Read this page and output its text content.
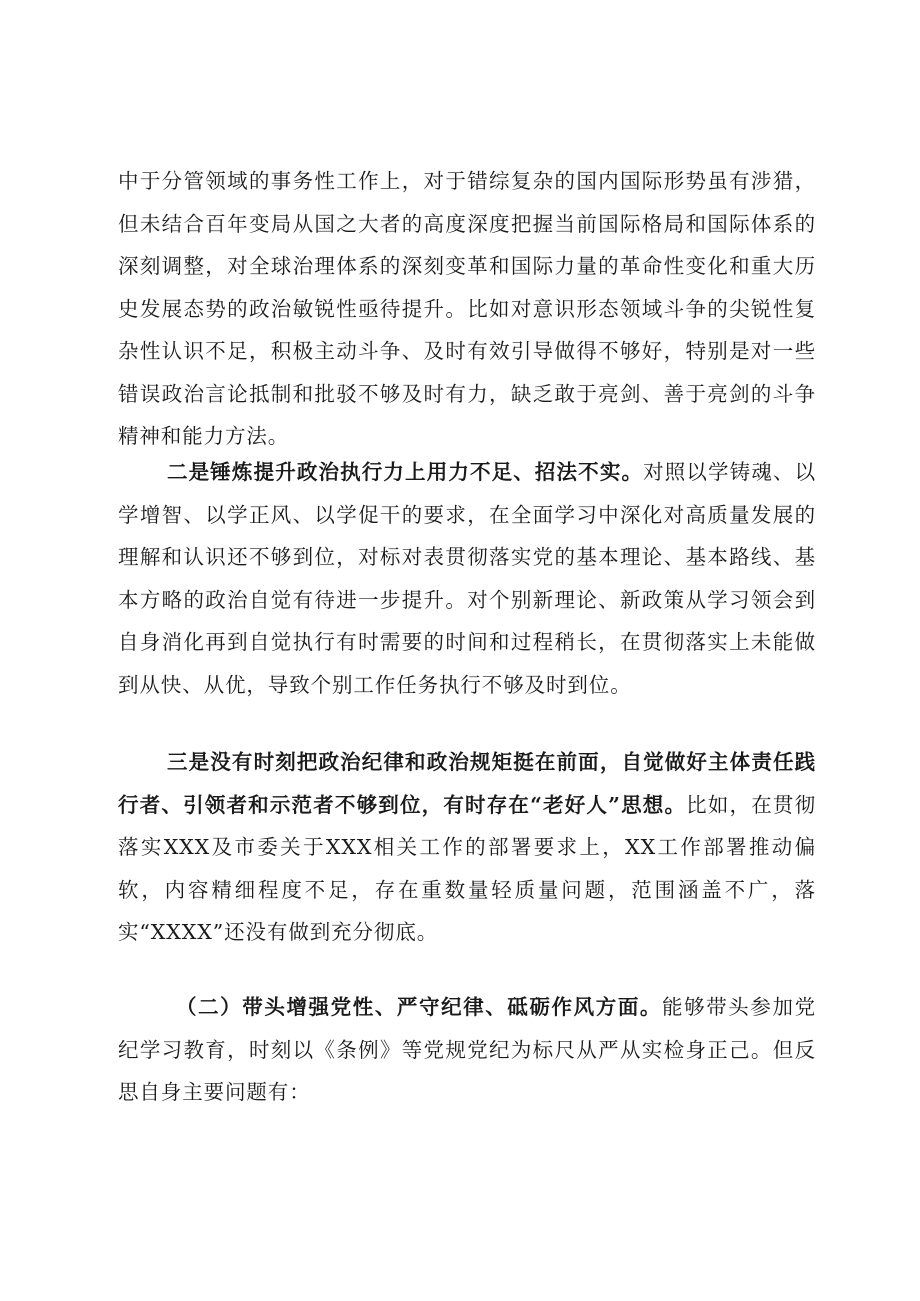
中于分管领域的事务性工作上，对于错综复杂的国内国际形势虽有涉猎，但未结合百年变局从国之大者的高度深度把握当前国际格局和国际体系的深刻调整，对全球治理体系的深刻变革和国际力量的革命性变化和重大历史发展态势的政治敏锐性亟待提升。比如对意识形态领域斗争的尖锐性复杂性认识不足，积极主动斗争、及时有效引导做得不够好，特别是对一些错误政治言论抵制和批驳不够及时有力，缺乏敢于亮剑、善于亮剑的斗争精神和能力方法。

二是锤炼提升政治执行力上用力不足、招法不实。对照以学铸魂、以学增智、以学正风、以学促干的要求，在全面学习中深化对高质量发展的理解和认识还不够到位，对标对表贯彻落实党的基本理论、基本路线、基本方略的政治自觉有待进一步提升。对个别新理论、新政策从学习领会到自身消化再到自觉执行有时需要的时间和过程稍长，在贯彻落实上未能做到从快、从优，导致个别工作任务执行不够及时到位。

三是没有时刻把政治纪律和政治规矩挺在前面，自觉做好主体责任践行者、引领者和示范者不够到位，有时存在“老好人”思想。比如，在贯彻落实XXX及市委关于XXX相关工作的部署要求上，XX工作部署推动偏软，内容精细程度不足，存在重数量轻质量问题，范围涵盖不广，落实“XXXX”还没有做到充分彻底。

（二）带头增强党性、严守纪律、砥砺作风方面。能够带头参加党纪学习教育，时刻以《条例》等党规党纪为标尺从严从实检身正己。但反思自身主要问题有：
